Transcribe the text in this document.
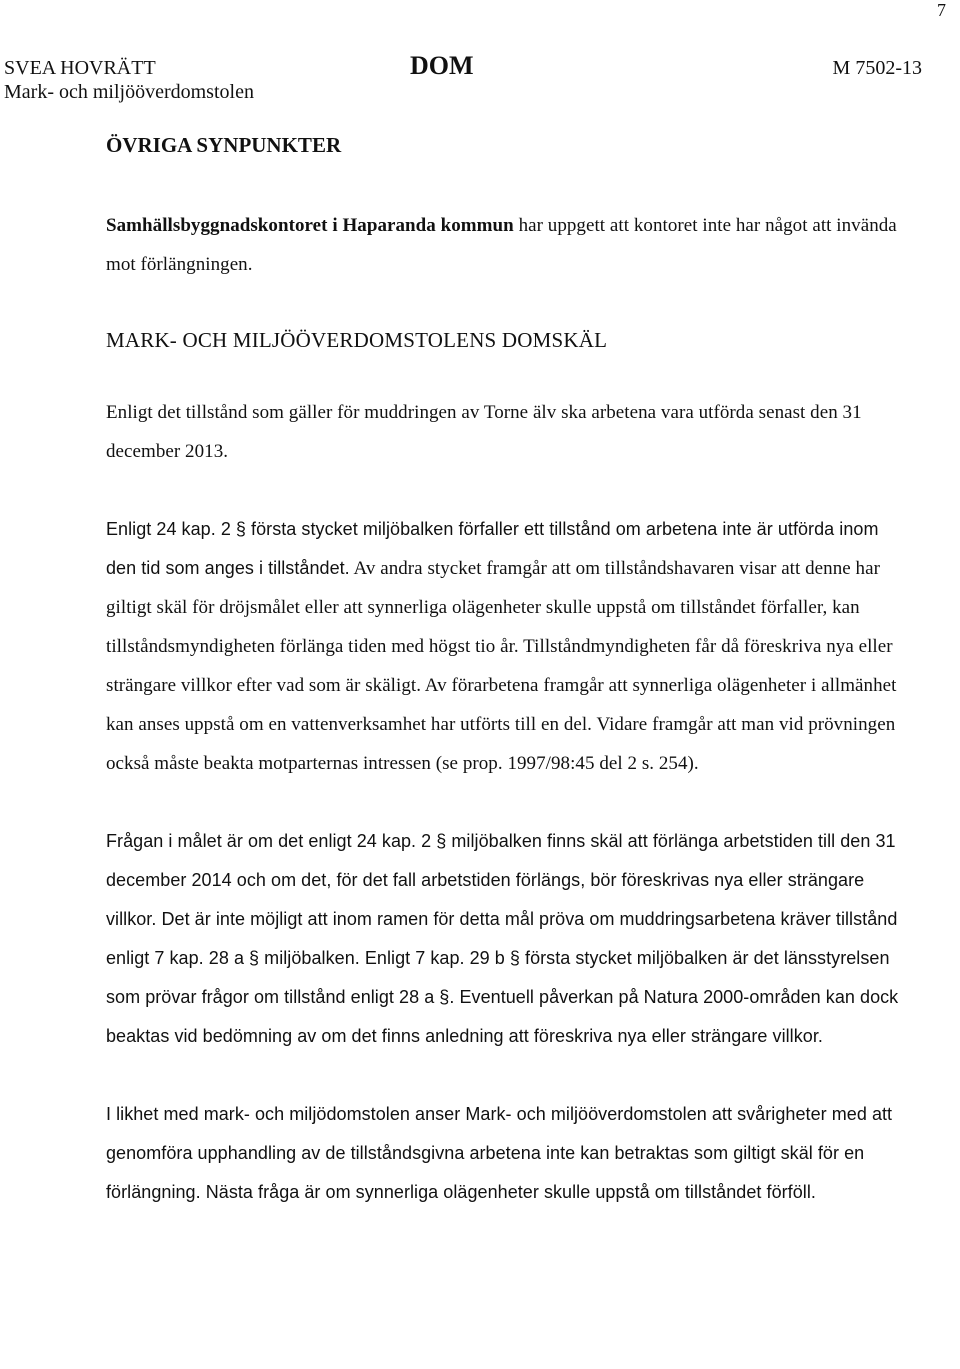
7
SVEA HOVRÄTT
Mark- och miljööverdomstolen
DOM	M 7502-13
ÖVRIGA SYNPUNKTER

Samhällsbyggnadskontoret i Haparanda kommun har uppgett att kontoret inte har något att invända mot förlängningen.

MARK- OCH MILJÖÖVERDOMSTOLENS DOMSKÄL

Enligt det tillstånd som gäller för muddringen av Torne älv ska arbetena vara utförda senast den 31 december 2013.

Enligt 24 kap. 2 § första stycket miljöbalken förfaller ett tillstånd om arbetena inte är utförda inom den tid som anges i tillståndet. Av andra stycket framgår att om tillståndshavaren visar att denne har giltigt skäl för dröjsmålet eller att synnerliga olägenheter skulle uppstå om tillståndet förfaller, kan tillståndsmyndigheten förlänga tiden med högst tio år. Tillståndmyndigheten får då föreskriva nya eller strängare villkor efter vad som är skäligt. Av förarbetena framgår att synnerliga olägenheter i allmänhet kan anses uppstå om en vattenverksamhet har utförts till en del. Vidare framgår att man vid prövningen också måste beakta motparternas intressen (se prop. 1997/98:45 del 2 s. 254).

Frågan i målet är om det enligt 24 kap. 2 § miljöbalken finns skäl att förlänga arbetstiden till den 31 december 2014 och om det, för det fall arbetstiden förlängs, bör föreskrivas nya eller strängare villkor. Det är inte möjligt att inom ramen för detta mål pröva om muddringsarbetena kräver tillstånd enligt 7 kap. 28 a § miljöbalken. Enligt 7 kap. 29 b § första stycket miljöbalken är det länsstyrelsen som prövar frågor om tillstånd enligt 28 a §. Eventuell påverkan på Natura 2000-områden kan dock beaktas vid bedömning av om det finns anledning att föreskriva nya eller strängare villkor.

I likhet med mark- och miljödomstolen anser Mark- och miljööverdomstolen att svårigheter med att genomföra upphandling av de tillståndsgivna arbetena inte kan betraktas som giltigt skäl för en förlängning. Nästa fråga är om synnerliga olägenheter skulle uppstå om tillståndet förföll.
